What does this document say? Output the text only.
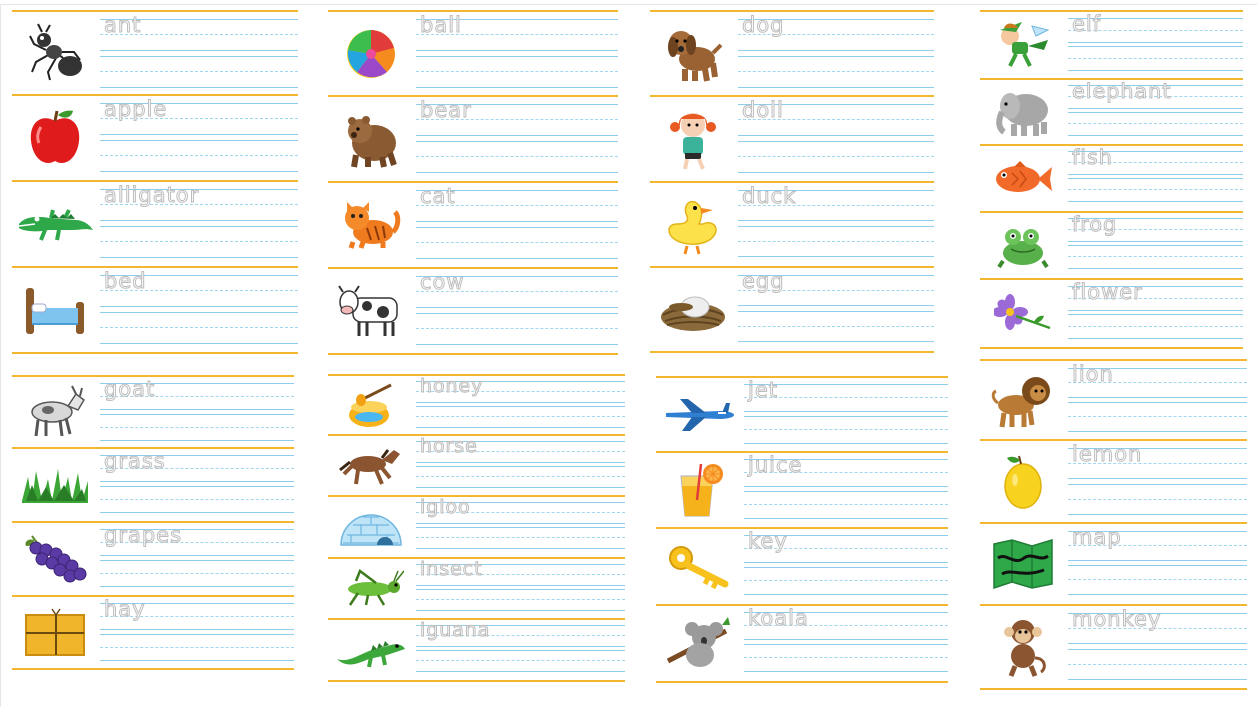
ant
apple
alligator
bed
goat
grass
grapes
hay
ball
bear
cat
cow
honey
horse
igloo
insect
iguana
dog
doll
duck
egg
jet
juice
key
koala
elf
elephant
fish
frog
flower
lion
lemon
map
monkey
